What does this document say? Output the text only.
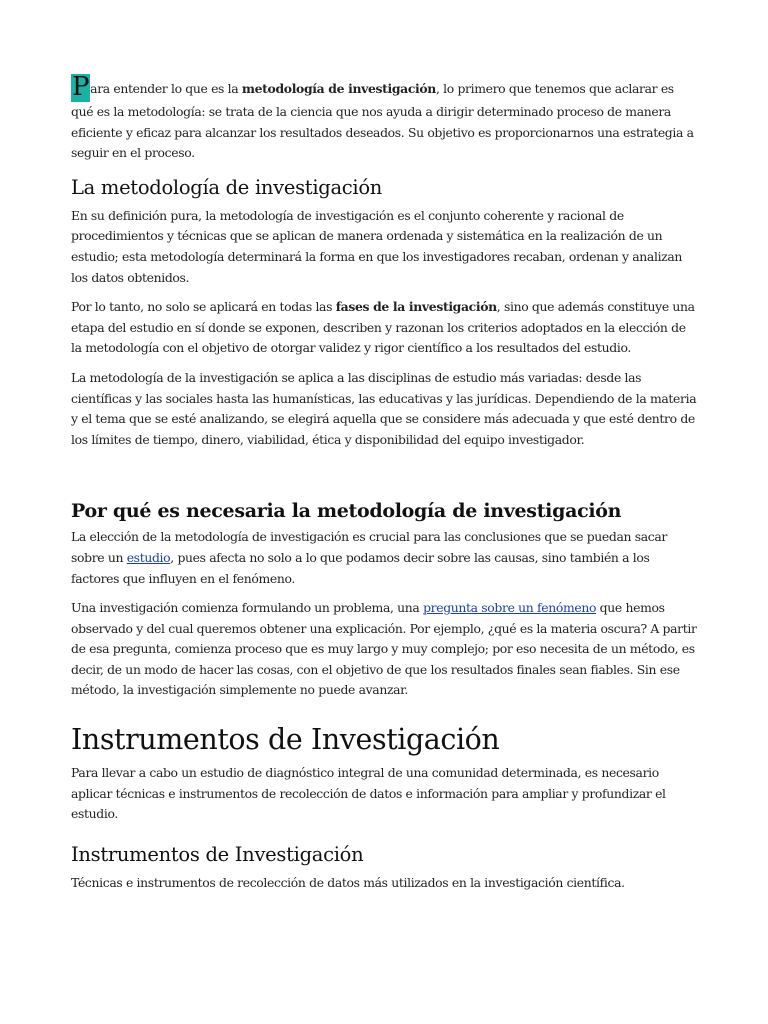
Para entender lo que es la metodología de investigación, lo primero que tenemos que aclarar es qué es la metodología: se trata de la ciencia que nos ayuda a dirigir determinado proceso de manera eficiente y eficaz para alcanzar los resultados deseados. Su objetivo es proporcionarnos una estrategia a seguir en el proceso.

La metodología de investigación

En su definición pura, la metodología de investigación es el conjunto coherente y racional de procedimientos y técnicas que se aplican de manera ordenada y sistemática en la realización de un estudio; esta metodología determinará la forma en que los investigadores recaban, ordenan y analizan los datos obtenidos.

Por lo tanto, no solo se aplicará en todas las fases de la investigación, sino que además constituye una etapa del estudio en sí donde se exponen, describen y razonan los criterios adoptados en la elección de la metodología con el objetivo de otorgar validez y rigor científico a los resultados del estudio.

La metodología de la investigación se aplica a las disciplinas de estudio más variadas: desde las científicas y las sociales hasta las humanísticas, las educativas y las jurídicas. Dependiendo de la materia y el tema que se esté analizando, se elegirá aquella que se considere más adecuada y que esté dentro de los límites de tiempo, dinero, viabilidad, ética y disponibilidad del equipo investigador.

Por qué es necesaria la metodología de investigación

La elección de la metodología de investigación es crucial para las conclusiones que se puedan sacar sobre un estudio, pues afecta no solo a lo que podamos decir sobre las causas, sino también a los factores que influyen en el fenómeno.

Una investigación comienza formulando un problema, una pregunta sobre un fenómeno que hemos observado y del cual queremos obtener una explicación. Por ejemplo, ¿qué es la materia oscura? A partir de esa pregunta, comienza proceso que es muy largo y muy complejo; por eso necesita de un método, es decir, de un modo de hacer las cosas, con el objetivo de que los resultados finales sean fiables. Sin ese método, la investigación simplemente no puede avanzar.

Instrumentos de Investigación

Para llevar a cabo un estudio de diagnóstico integral de una comunidad determinada, es necesario aplicar técnicas e instrumentos de recolección de datos e información para ampliar y profundizar el estudio.

Instrumentos de Investigación

Técnicas e instrumentos de recolección de datos más utilizados en la investigación científica.
